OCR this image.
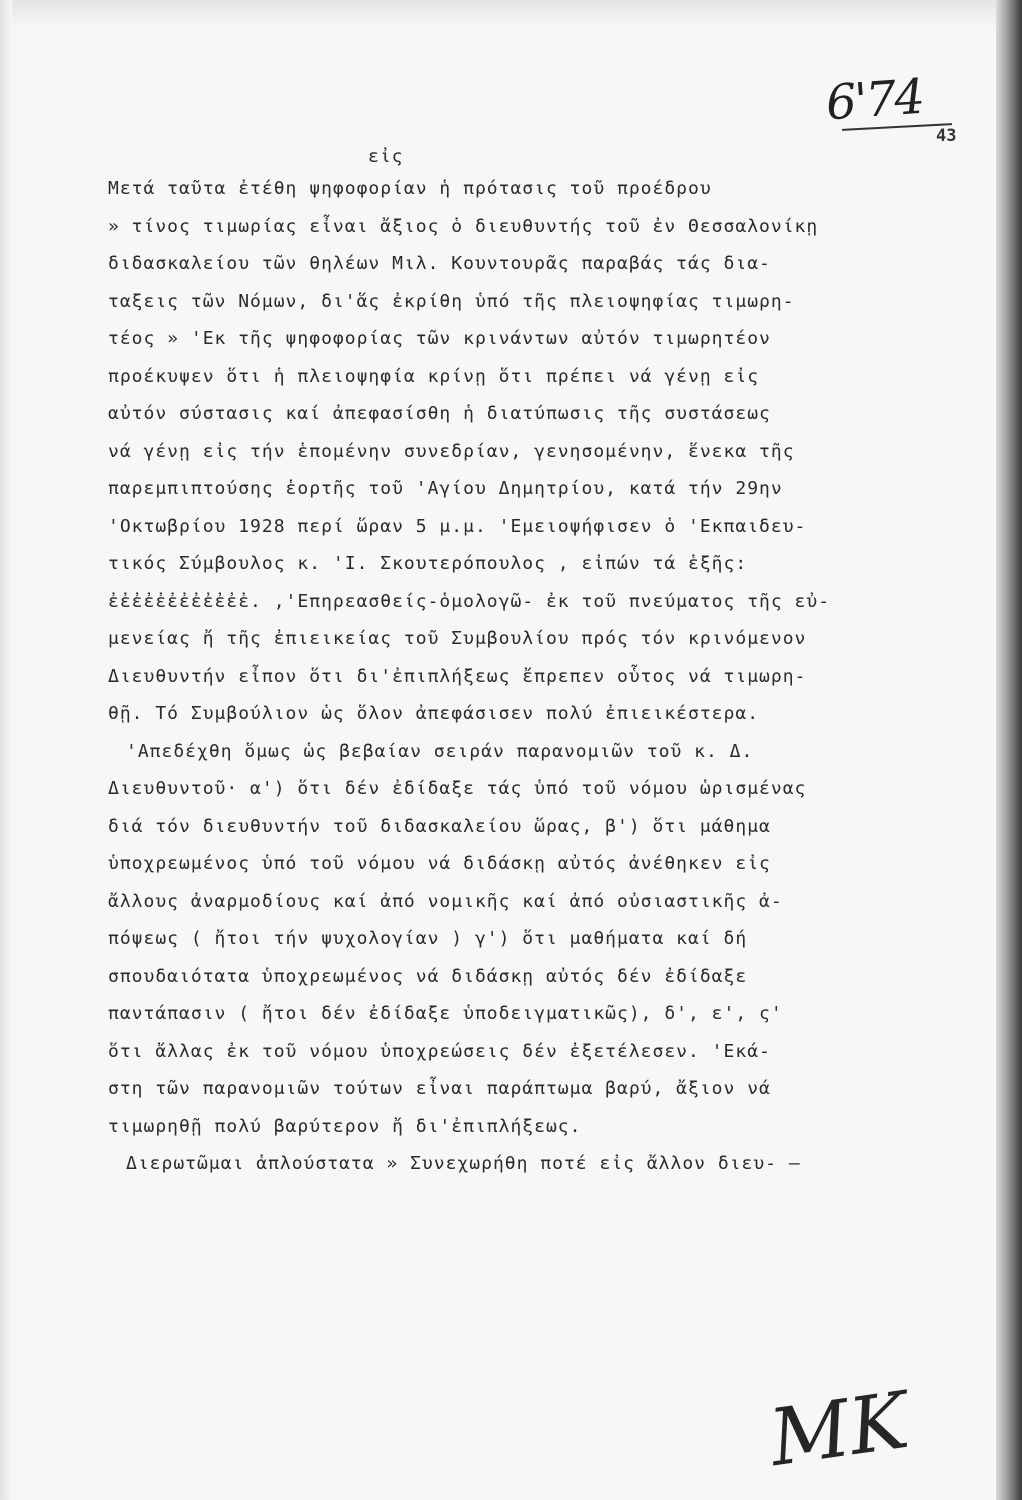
6'74
43
εἰς
Μετά ταῦτα ἐτέθη ψηφοφορίαν ἡ πρότασις τοῦ προέδρου
» τίνος τιμωρίας εἶναι ἄξιος ὁ διευθυντής τοῦ ἐν Θεσσαλονίκῃ
διδασκαλείου τῶν θηλέων Μιλ. Κουντουρᾶς παραβάς τάς δια-
ταξεις τῶν Νόμων, δι'ἅς ἐκρίθη ὑπό τῆς πλειοψηφίας τιμωρη-
τέος » 'Εκ τῆς ψηφοφορίας τῶν κρινάντων αὐτόν τιμωρητέον
προέκυψεν ὅτι ἡ πλειοψηφία κρίνῃ ὅτι πρέπει νά γένῃ εἰς
αὐτόν σύστασις καί ἀπεφασίσθη ἡ διατύπωσις τῆς συστάσεως
νά γένῃ εἰς τήν ἑπομένην συνεδρίαν, γενησομένην, ἕνεκα τῆς
παρεμπιπτούσης ἑορτῆς τοῦ 'Αγίου Δημητρίου, κατά τήν 29ην
'Οκτωβρίου 1928 περί ὥραν 5 μ.μ. 'Εμειοψήφισεν ὁ 'Εκπαιδευ-
τικός Σύμβουλος κ. 'Ι. Σκουτερόπουλος , εἰπών τά ἑξῆς:
ἐἐἐἐἐἐἐἐἐἐἐἐ. ,'Επηρεασθείς-ὁμολογῶ- ἐκ τοῦ πνεύματος τῆς εὐ-
μενείας ἤ τῆς ἐπιεικείας τοῦ Συμβουλίου πρός τόν κρινόμενον
Διευθυντήν εἶπον ὅτι δι'ἐπιπλήξεως ἔπρεπεν οὗτος νά τιμωρη-
θῇ. Τό Συμβούλιον ὡς ὅλον ἀπεφάσισεν πολύ ἐπιεικέστερα.
'Απεδέχθη ὅμως ὡς βεβαίαν σειράν παρανομιῶν τοῦ κ. Δ.
Διευθυντοῦ· α') ὅτι δέν ἐδίδαξε τάς ὑπό τοῦ νόμου ὡρισμένας
διά τόν διευθυντήν τοῦ διδασκαλείου ὥρας, β') ὅτι μάθημα
ὑποχρεωμένος ὑπό τοῦ νόμου νά διδάσκῃ αὐτός ἀνέθηκεν εἰς
ἄλλους ἀναρμοδίους καί ἀπό νομικῆς καί ἀπό οὐσιαστικῆς ἀ-
πόψεως ( ἤτοι τήν ψυχολογίαν ) γ') ὅτι μαθήματα καί δή
σπουδαιότατα ὑποχρεωμένος νά διδάσκῃ αὐτός δέν ἐδίδαξε
παντάπασιν ( ἤτοι δέν ἐδίδαξε ὑποδειγματικῶς), δ', ε', ς'
ὅτι ἄλλας ἐκ τοῦ νόμου ὑποχρεώσεις δέν ἐξετέλεσεν. 'Εκά-
στη τῶν παρανομιῶν τούτων εἶναι παράπτωμα βαρύ, ἄξιον νά
τιμωρηθῇ πολύ βαρύτερον ἤ δι'ἐπιπλήξεως.
Διερωτῶμαι ἁπλούστατα » Συνεχωρήθη ποτέ εἰς ἄλλον διευ- —
ΜΚ
